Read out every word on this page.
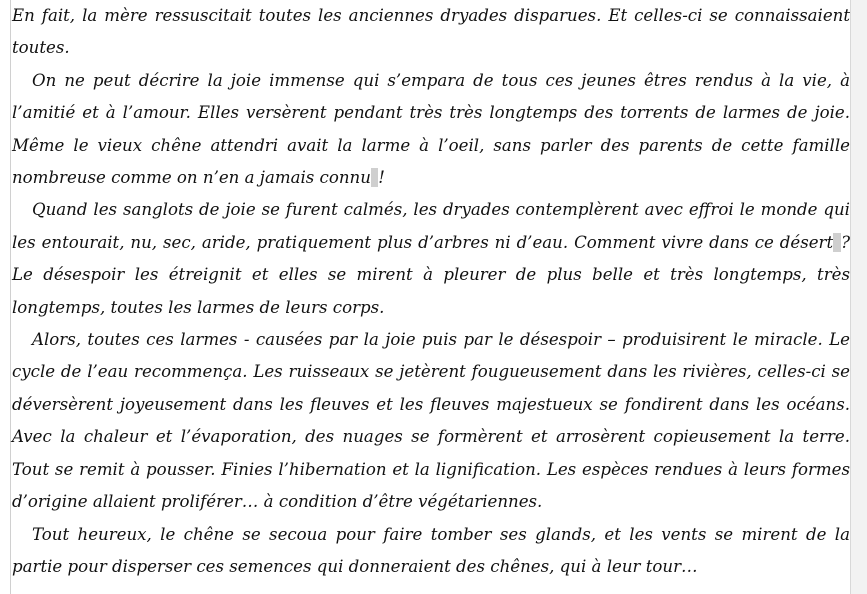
En fait, la mère ressuscitait toutes les anciennes dryades disparues. Et celles-ci se connaissaient toutes.

On ne peut décrire la joie immense qui s’empara de tous ces jeunes êtres rendus à la vie, à l’amitié et à l’amour. Elles versèrent pendant très très longtemps des torrents de larmes de joie. Même le vieux chêne attendri avait la larme à l’oeil, sans parler des parents de cette famille nombreuse comme on n’en a jamais connu !

Quand les sanglots de joie se furent calmés, les dryades contemplèrent avec effroi le monde qui les entourait, nu, sec, aride, pratiquement plus d’arbres ni d’eau. Comment vivre dans ce désert ? Le désespoir les étreignit et elles se mirent à pleurer de plus belle et très longtemps, très longtemps, toutes les larmes de leurs corps.

Alors, toutes ces larmes - causées par la joie puis par le désespoir – produisirent le miracle. Le cycle de l’eau recommença. Les ruisseaux se jetèrent fougueusement dans les rivières, celles-ci se déversèrent joyeusement dans les fleuves et les fleuves majestueux se fondirent dans les océans. Avec la chaleur et l’évaporation, des nuages se formèrent et arrosèrent copieusement la terre. Tout se remit à pousser. Finies l’hibernation et la lignification. Les espèces rendues à leurs formes d’origine allaient proliférer… à condition d’être végétariennes.

Tout heureux, le chêne se secoua pour faire tomber ses glands, et les vents se mirent de la partie pour disperser ces semences qui donneraient des chênes, qui à leur tour…
